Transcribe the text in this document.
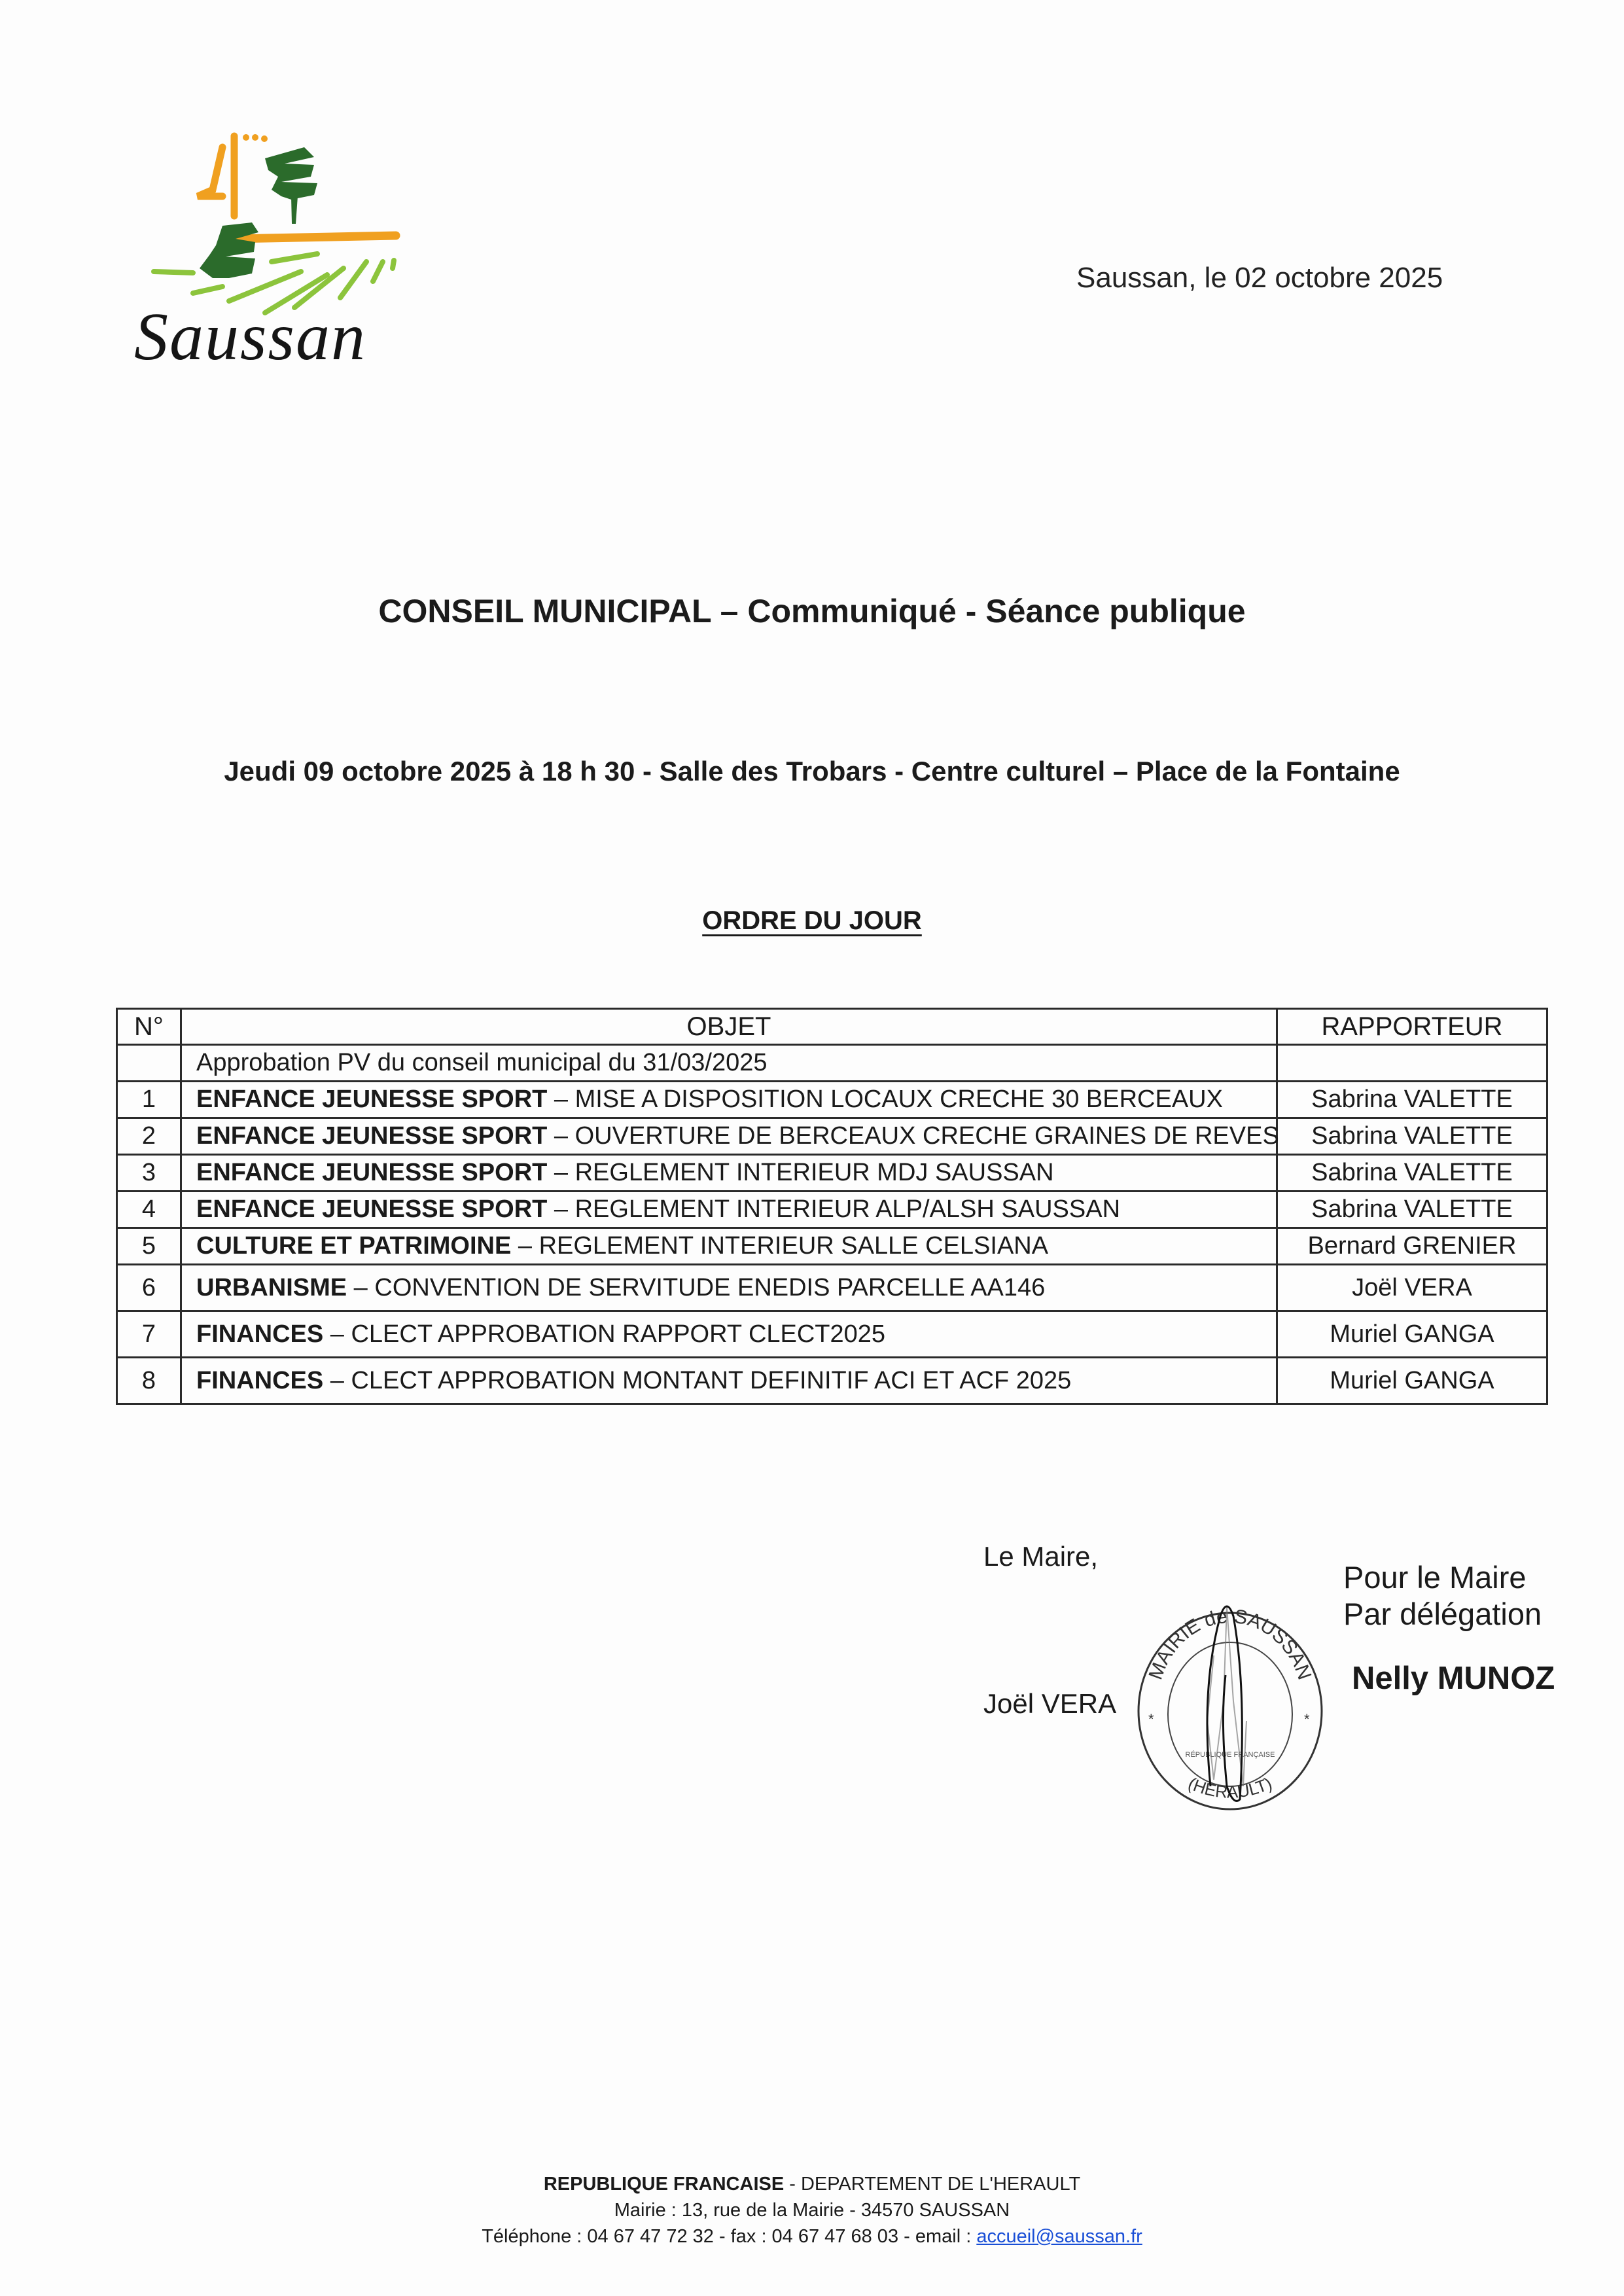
Saussan
Saussan, le 02 octobre 2025
CONSEIL MUNICIPAL – Communiqué - Séance publique
Jeudi 09 octobre 2025 à 18 h 30 - Salle des Trobars - Centre culturel – Place de la Fontaine
ORDRE DU JOUR
N°	OBJET	RAPPORTEUR
	Approbation PV du conseil municipal du 31/03/2025	
1	ENFANCE JEUNESSE SPORT – MISE A DISPOSITION LOCAUX CRECHE 30 BERCEAUX	Sabrina VALETTE
2	ENFANCE JEUNESSE SPORT – OUVERTURE DE BERCEAUX CRECHE GRAINES DE REVES	Sabrina VALETTE
3	ENFANCE JEUNESSE SPORT – REGLEMENT INTERIEUR MDJ SAUSSAN	Sabrina VALETTE
4	ENFANCE JEUNESSE SPORT – REGLEMENT INTERIEUR ALP/ALSH SAUSSAN	Sabrina VALETTE
5	CULTURE ET PATRIMOINE – REGLEMENT INTERIEUR SALLE CELSIANA	Bernard GRENIER
6	URBANISME – CONVENTION DE SERVITUDE ENEDIS PARCELLE AA146	Joël VERA
7	FINANCES – CLECT APPROBATION RAPPORT CLECT2025	Muriel GANGA
8	FINANCES – CLECT APPROBATION MONTANT DEFINITIF ACI ET ACF 2025	Muriel GANGA
Le Maire,
Joël VERA
MAIRIE de SAUSSAN
(HERAULT)
RÉPUBLIQUE FRANÇAISE
*	*
Pour le Maire
Par délégation
Nelly MUNOZ
REPUBLIQUE FRANCAISE - DEPARTEMENT DE L'HERAULT
Mairie : 13, rue de la Mairie - 34570 SAUSSAN
Téléphone : 04 67 47 72 32 - fax : 04 67 47 68 03 - email : accueil@saussan.fr
